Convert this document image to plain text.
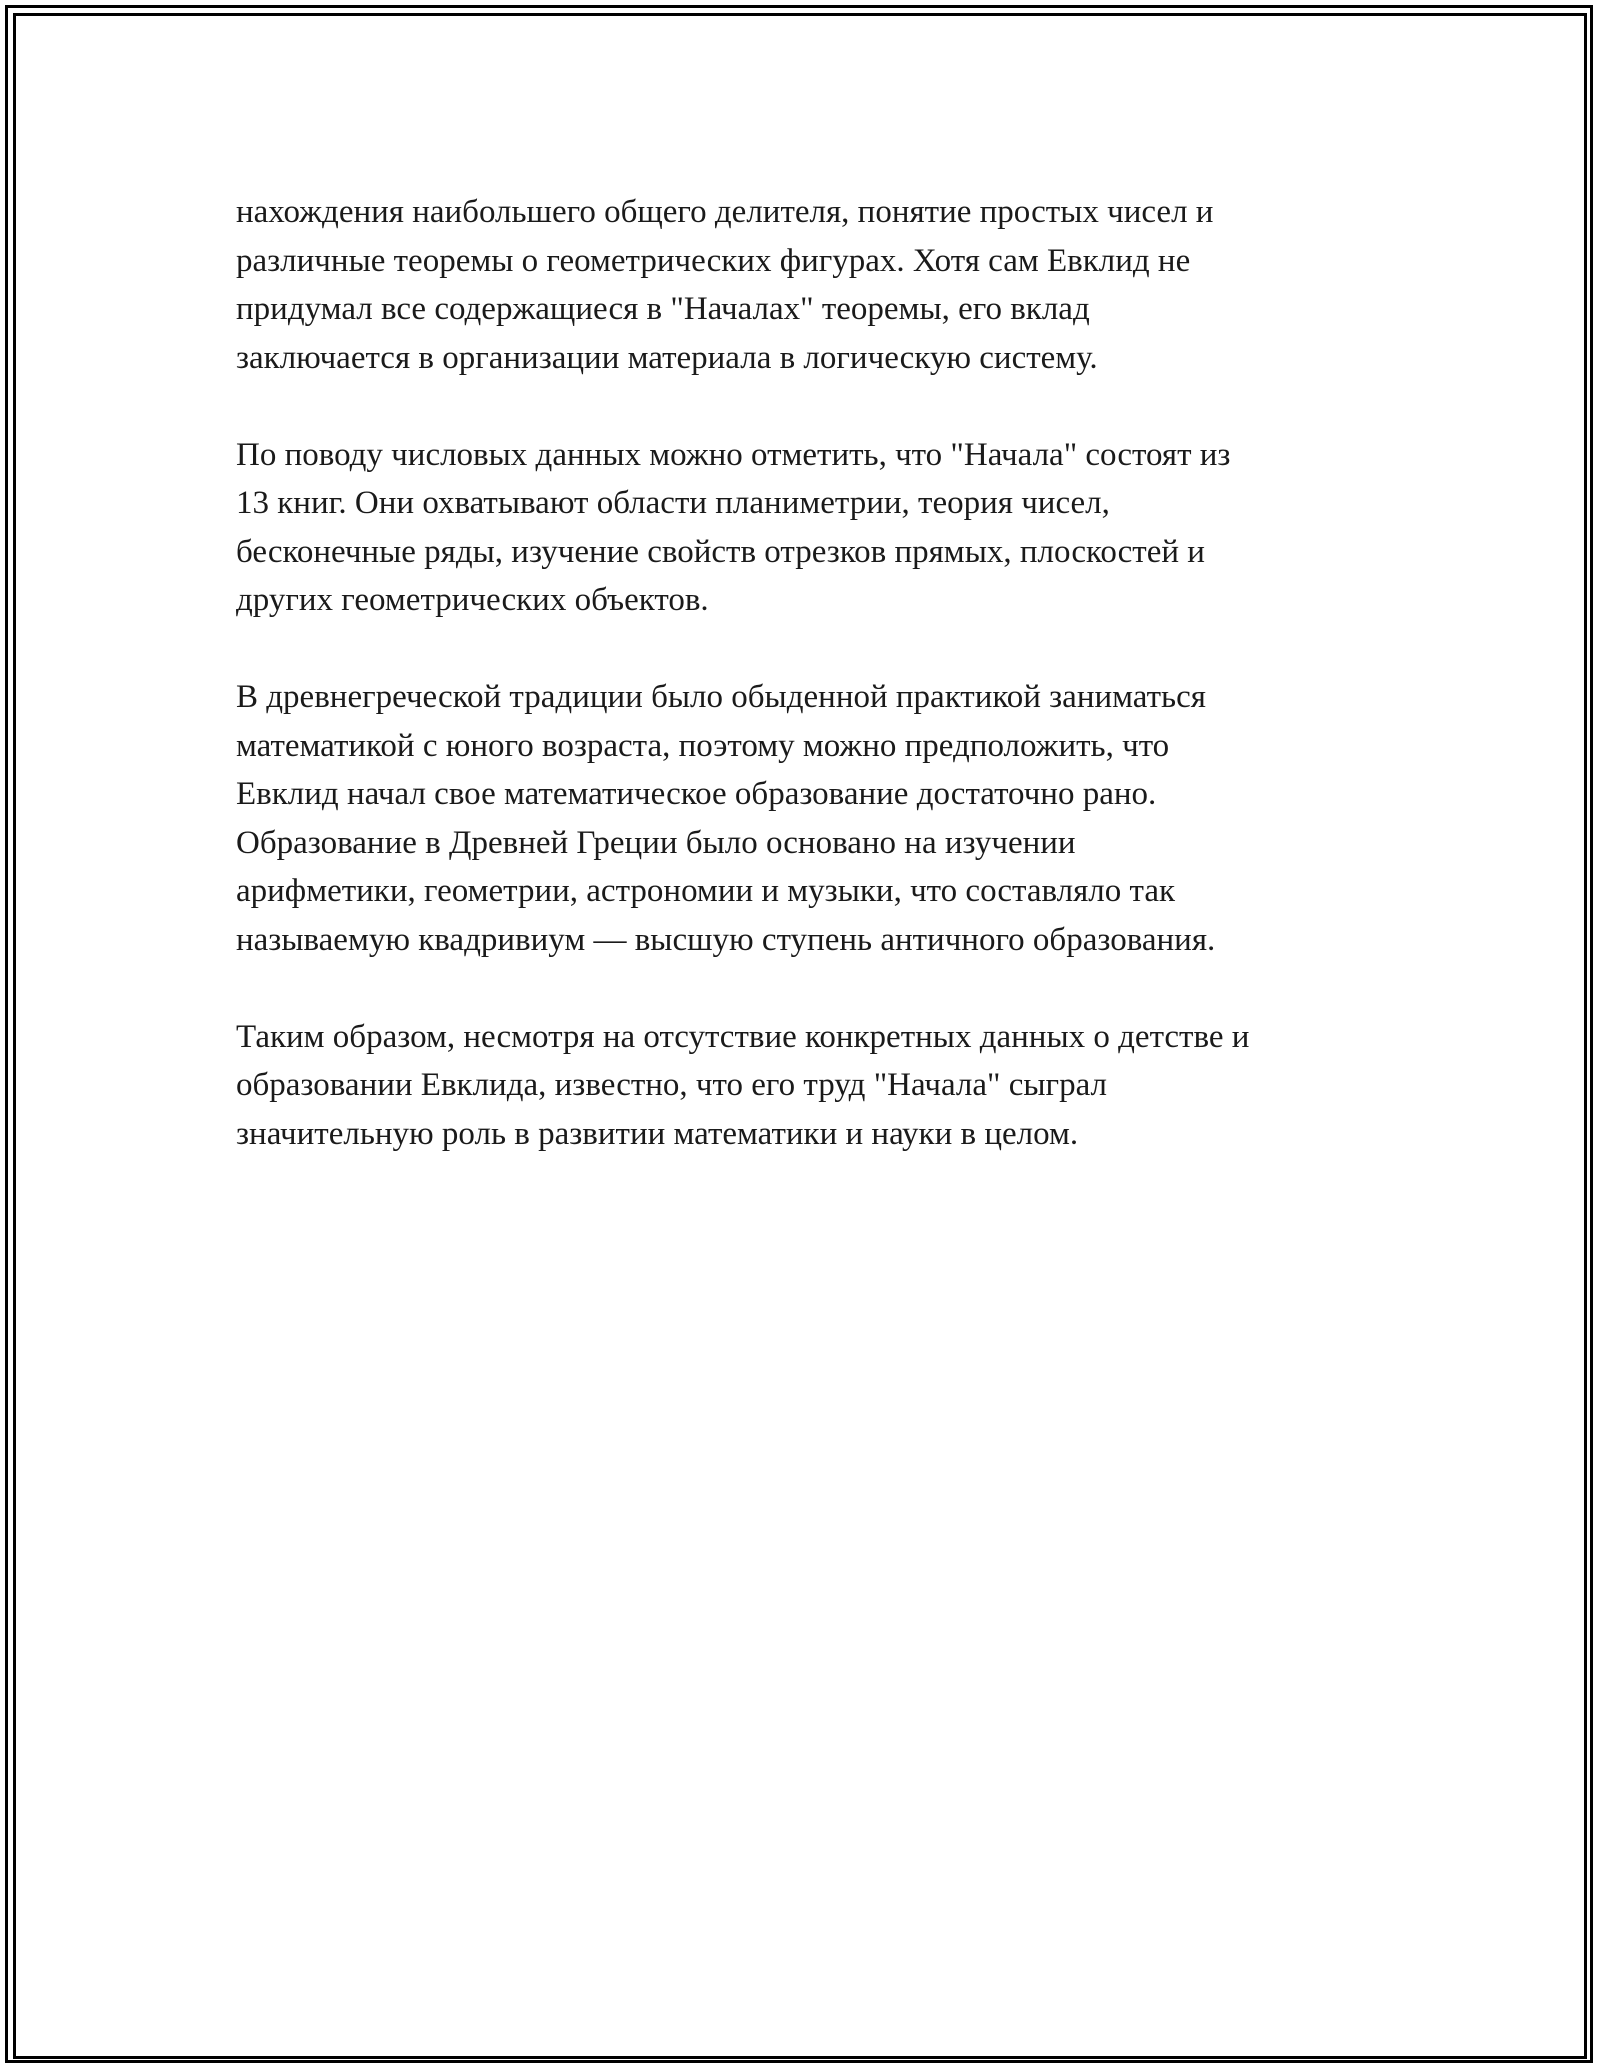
нахождения наибольшего общего делителя, понятие простых чисел и
различные теоремы о геометрических фигурах. Хотя сам Евклид не
придумал все содержащиеся в "Началах" теоремы, его вклад
заключается в организации материала в логическую систему.

По поводу числовых данных можно отметить, что "Начала" состоят из
13 книг. Они охватывают области планиметрии, теория чисел,
бесконечные ряды, изучение свойств отрезков прямых, плоскостей и
других геометрических объектов.

В древнегреческой традиции было обыденной практикой заниматься
математикой с юного возраста, поэтому можно предположить, что
Евклид начал свое математическое образование достаточно рано.
Образование в Древней Греции было основано на изучении
арифметики, геометрии, астрономии и музыки, что составляло так
называемую квадривиум — высшую ступень античного образования.

Таким образом, несмотря на отсутствие конкретных данных о детстве и
образовании Евклида, известно, что его труд "Начала" сыграл
значительную роль в развитии математики и науки в целом.
